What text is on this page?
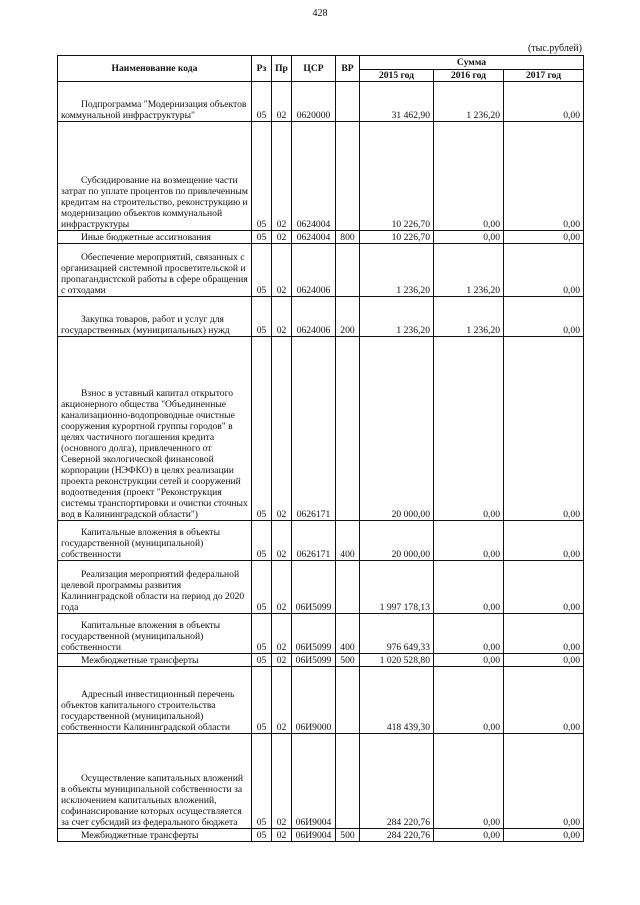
428
(тыс.рублей)
Наименование кода	Рз	Пр	ЦСР	ВР	Сумма		
					2015 год	2016 год	2017 год
Подпрограмма "Модернизация объектов коммунальной инфраструктуры"	05	02	0620000		31 462,90	1 236,20	0,00
Субсидирование на возмещение части затрат по уплате процентов по привлеченным кредитам на строительство, реконструкцию и модернизацию объектов коммунальной инфраструктуры	05	02	0624004		10 226,70	0,00	0,00
Иные бюджетные ассигнования	05	02	0624004	800	10 226,70	0,00	0,00
Обеспечение мероприятий, связанных с организацией системной просветительской и пропагандистской работы в сфере обращения с отходами	05	02	0624006		1 236,20	1 236,20	0,00
Закупка товаров, работ и услуг для государственных (муниципальных) нужд	05	02	0624006	200	1 236,20	1 236,20	0,00
Взнос в уставный капитал открытого акционерного общества "Объединенные канализационно-водопроводные очистные сооружения курортной группы городов" в целях частичного погашения кредита (основного долга), привлеченного от Северной экологической финансовой корпорации (НЭФКО) в целях реализации проекта реконструкции сетей и сооружений водоотведения (проект "Реконструкция системы транспортировки и очистки сточных вод в Калининградской области")	05	02	0626171		20 000,00	0,00	0,00
Капитальные вложения в объекты государственной (муниципальной) собственности	05	02	0626171	400	20 000,00	0,00	0,00
Реализация мероприятий федеральной целевой программы развития Калининградской области на период до 2020 года	05	02	06И5099		1 997 178,13	0,00	0,00
Капитальные вложения в объекты государственной (муниципальной) собственности	05	02	06И5099	400	976 649,33	0,00	0,00
Межбюджетные трансферты	05	02	06И5099	500	1 020 528,80	0,00	0,00
Адресный инвестиционный перечень объектов капитального строительства государственной (муниципальной) собственности Калининградской области	05	02	06И9000		418 439,30	0,00	0,00
Осуществление капитальных вложений в объекты муниципальной собственности за исключением капитальных вложений, софинансирование которых осуществляется за счет субсидий из федерального бюджета	05	02	06И9004		284 220,76	0,00	0,00
Межбюджетные трансферты	05	02	06И9004	500	284 220,76	0,00	0,00
